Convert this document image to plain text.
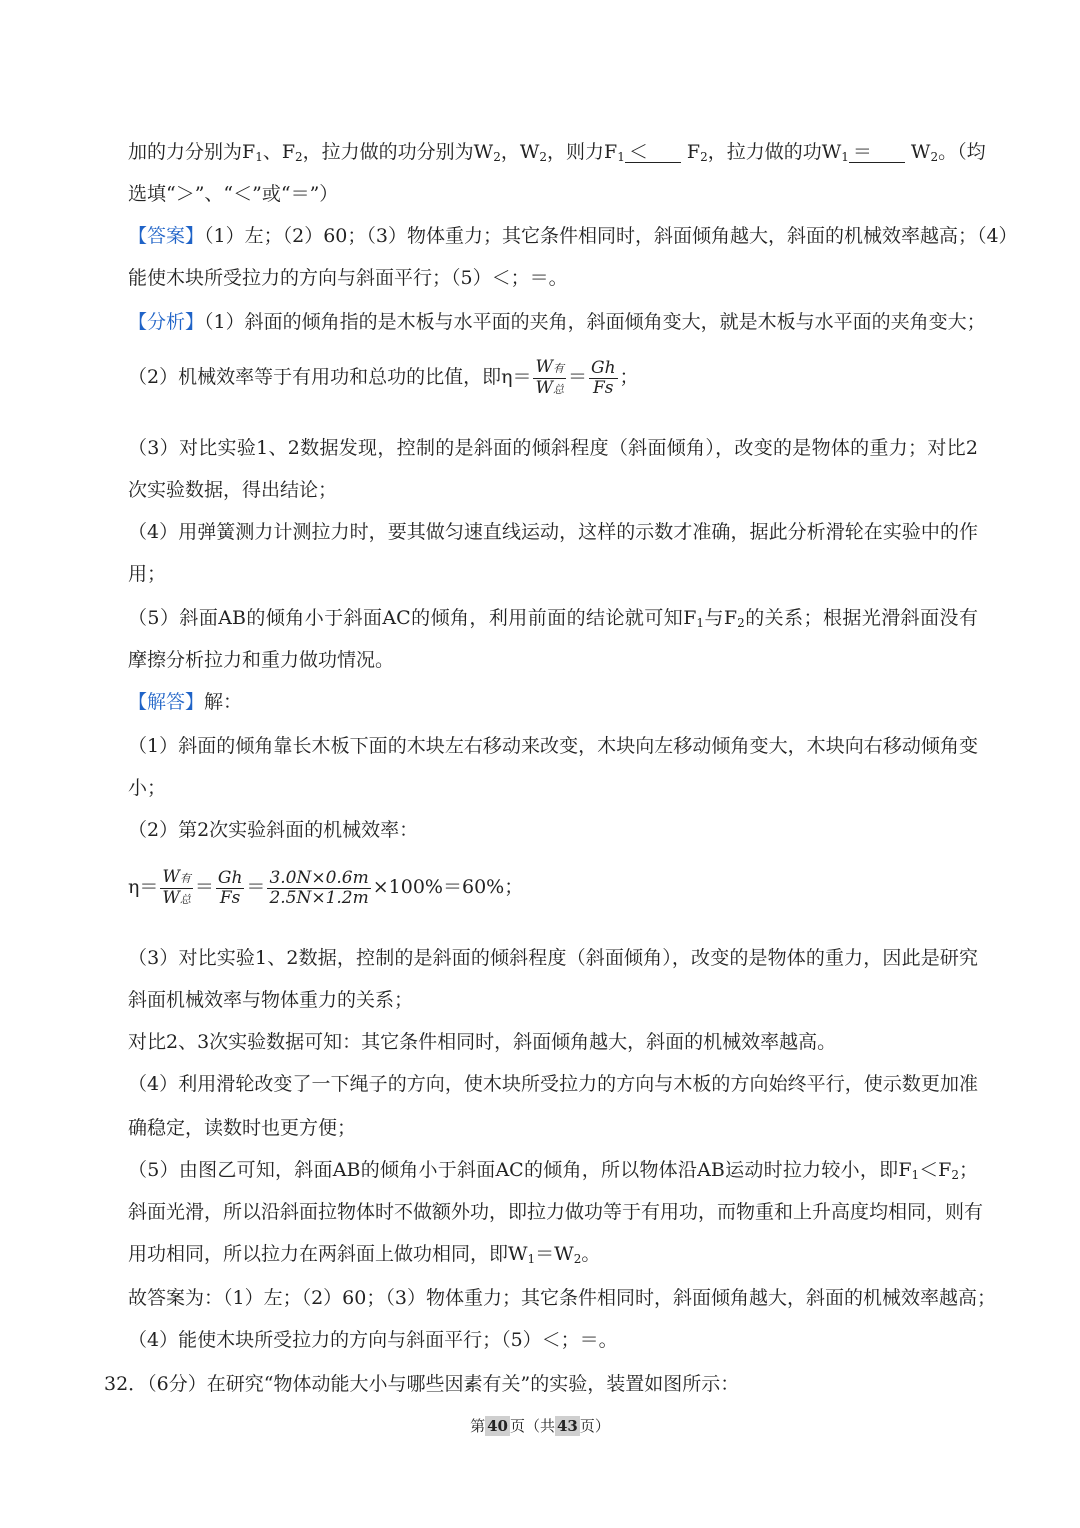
加的力分别为$F_1$、$F_2$，拉力做的功分别为$W_2$，$W_2$，则力$F_1 < F_2$，拉力做的功$W_1 = W_2$。（均
选填“＞”、“＜”或“＝”）
【答案】（1）左；（2）60；（3）物体重力；其它条件相同时，斜面倾角越大，斜面的机械效率越高；（4）
能使木块所受拉力的方向与斜面平行；（5）＜；＝。
【分析】（1）斜面的倾角指的是木板与水平面的夹角，斜面倾角变大，就是木板与水平面的夹角变大；
（2）机械效率等于有用功和总功的比值，即$\eta= \frac{\text{W有}}{\text{W总}} = \frac{Gh}{Fs}$ ；
（3）对比实验1、2数据发现，控制的是斜面的倾斜程度（斜面倾角），改变的是物体的重力；对比2
次实验数据，得出结论；
（4）用弹簧测力计测拉力时，要其做匀速直线运动，这样的示数才准确，据此分析滑轮在实验中的作
用；
（5）斜面AB的倾角小于斜面AC的倾角，利用前面的结论就可知$F_1$与$F_2$的关系；根据光滑斜面没有
摩擦分析拉力和重力做功情况。
【解答】解：
（1）斜面的倾角靠长木板下面的木块左右移动来改变，木块向左移动倾角变大，木块向右移动倾角变
小；
（2）第2次实验斜面的机械效率：
$\eta= \frac{\text{W有}}{\text{W总}} = \frac{Gh}{Fs} = \frac{3.0N\times 0.6m}{2.5N\times 1.2m} \times 100\%=60\%$；
（3）对比实验1、2数据，控制的是斜面的倾斜程度（斜面倾角），改变的是物体的重力，因此是研究
斜面机械效率与物体重力的关系；
对比2、3次实验数据可知：其它条件相同时，斜面倾角越大，斜面的机械效率越高。
（4）利用滑轮改变了一下绳子的方向，使木块所受拉力的方向与木板的方向始终平行，使示数更加准
确稳定，读数时也更方便；
（5）由图乙可知，斜面AB的倾角小于斜面AC的倾角，所以物体沿AB运动时拉力较小，即$F_1<F_2$；
斜面光滑，所以沿斜面拉物体时不做额外功，即拉力做功等于有用功，而物重和上升高度均相同，则有
用功相同，所以拉力在两斜面上做功相同，即$W_1=W_2$。
故答案为：（1）左；（2）60；（3）物体重力；其它条件相同时，斜面倾角越大，斜面的机械效率越高；
（4）能使木块所受拉力的方向与斜面平行；（5）＜；＝。
32．（6分）在研究“物体动能大小与哪些因素有关”的实验，装置如图所示：
第 40 页（共 43 页）
